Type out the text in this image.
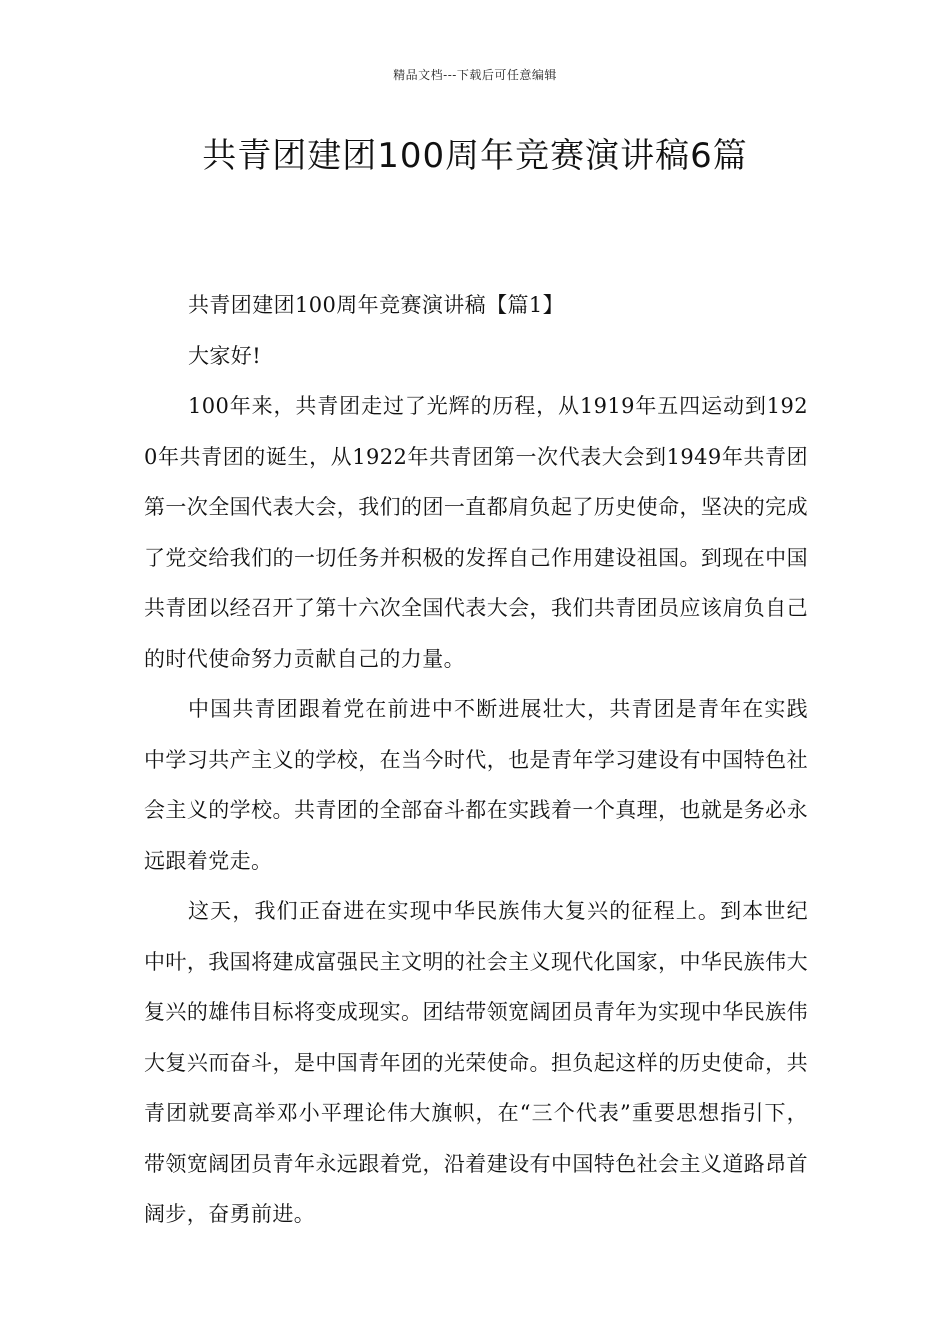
精品文档---下载后可任意编辑
共青团建团100周年竞赛演讲稿6篇

共青团建团100周年竞赛演讲稿【篇1】

大家好!

100年来，共青团走过了光辉的历程，从1919年五四运动到1920年共青团的诞生，从1922年共青团第一次代表大会到1949年共青团第一次全国代表大会，我们的团一直都肩负起了历史使命，坚决的完成了党交给我们的一切任务并积极的发挥自己作用建设祖国。到现在中国共青团以经召开了第十六次全国代表大会，我们共青团员应该肩负自己的时代使命努力贡献自己的力量。

中国共青团跟着党在前进中不断进展壮大，共青团是青年在实践中学习共产主义的学校，在当今时代，也是青年学习建设有中国特色社会主义的学校。共青团的全部奋斗都在实践着一个真理，也就是务必永远跟着党走。

这天，我们正奋进在实现中华民族伟大复兴的征程上。到本世纪中叶，我国将建成富强民主文明的社会主义现代化国家，中华民族伟大复兴的雄伟目标将变成现实。团结带领宽阔团员青年为实现中华民族伟大复兴而奋斗，是中国青年团的光荣使命。担负起这样的历史使命，共青团就要高举邓小平理论伟大旗帜，在“三个代表”重要思想指引下，带领宽阔团员青年永远跟着党，沿着建设有中国特色社会主义道路昂首阔步，奋勇前进。
